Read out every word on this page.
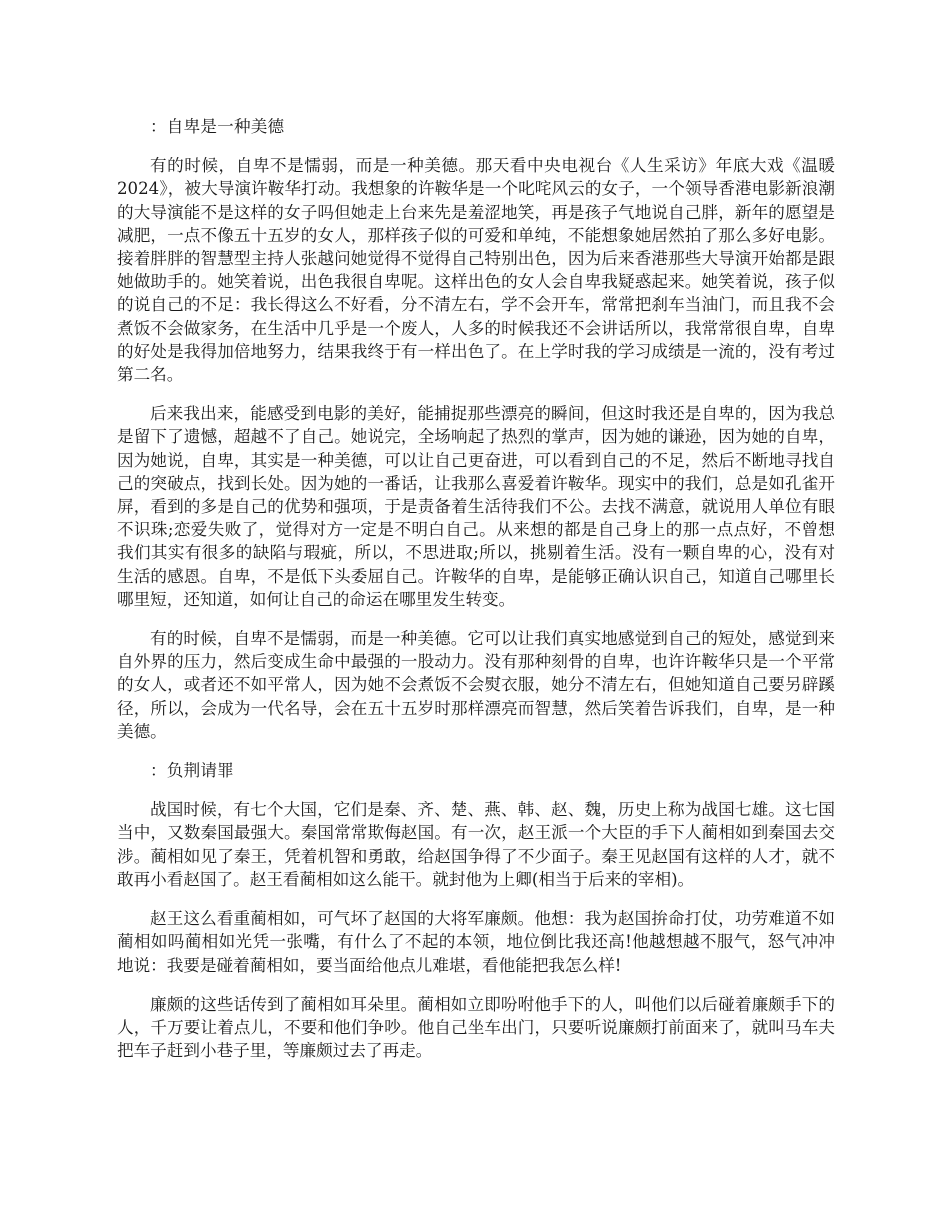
：自卑是一种美德

有的时候，自卑不是懦弱，而是一种美德。那天看中央电视台《人生采访》年底大戏《温暖2024》，被大导演许鞍华打动。我想象的许鞍华是一个叱咤风云的女子，一个领导香港电影新浪潮的大导演能不是这样的女子吗但她走上台来先是羞涩地笑，再是孩子气地说自己胖，新年的愿望是减肥，一点不像五十五岁的女人，那样孩子似的可爱和单纯，不能想象她居然拍了那么多好电影。接着胖胖的智慧型主持人张越问她觉得不觉得自己特别出色，因为后来香港那些大导演开始都是跟她做助手的。她笑着说，出色我很自卑呢。这样出色的女人会自卑我疑惑起来。她笑着说，孩子似的说自己的不足：我长得这么不好看，分不清左右，学不会开车，常常把刹车当油门，而且我不会煮饭不会做家务，在生活中几乎是一个废人，人多的时候我还不会讲话所以，我常常很自卑，自卑的好处是我得加倍地努力，结果我终于有一样出色了。在上学时我的学习成绩是一流的，没有考过第二名。

后来我出来，能感受到电影的美好，能捕捉那些漂亮的瞬间，但这时我还是自卑的，因为我总是留下了遗憾，超越不了自己。她说完，全场响起了热烈的掌声，因为她的谦逊，因为她的自卑，因为她说，自卑，其实是一种美德，可以让自己更奋进，可以看到自己的不足，然后不断地寻找自己的突破点，找到长处。因为她的一番话，让我那么喜爱着许鞍华。现实中的我们，总是如孔雀开屏，看到的多是自己的优势和强项，于是责备着生活待我们不公。去找不满意，就说用人单位有眼不识珠;恋爱失败了，觉得对方一定是不明白自己。从来想的都是自己身上的那一点点好，不曾想我们其实有很多的缺陷与瑕疵，所以，不思进取;所以，挑剔着生活。没有一颗自卑的心，没有对生活的感恩。自卑，不是低下头委屈自己。许鞍华的自卑，是能够正确认识自己，知道自己哪里长哪里短，还知道，如何让自己的命运在哪里发生转变。

有的时候，自卑不是懦弱，而是一种美德。它可以让我们真实地感觉到自己的短处，感觉到来自外界的压力，然后变成生命中最强的一股动力。没有那种刻骨的自卑，也许许鞍华只是一个平常的女人，或者还不如平常人，因为她不会煮饭不会熨衣服，她分不清左右，但她知道自己要另辟蹊径，所以，会成为一代名导，会在五十五岁时那样漂亮而智慧，然后笑着告诉我们，自卑，是一种美德。

：负荆请罪

战国时候，有七个大国，它们是秦、齐、楚、燕、韩、赵、魏，历史上称为战国七雄。这七国当中，又数秦国最强大。秦国常常欺侮赵国。有一次，赵王派一个大臣的手下人蔺相如到秦国去交涉。蔺相如见了秦王，凭着机智和勇敢，给赵国争得了不少面子。秦王见赵国有这样的人才，就不敢再小看赵国了。赵王看蔺相如这么能干。就封他为上卿(相当于后来的宰相)。

赵王这么看重蔺相如，可气坏了赵国的大将军廉颇。他想：我为赵国拚命打仗，功劳难道不如蔺相如吗蔺相如光凭一张嘴，有什么了不起的本领，地位倒比我还高!他越想越不服气，怒气冲冲地说：我要是碰着蔺相如，要当面给他点儿难堪，看他能把我怎么样!

廉颇的这些话传到了蔺相如耳朵里。蔺相如立即吩咐他手下的人，叫他们以后碰着廉颇手下的人，千万要让着点儿，不要和他们争吵。他自己坐车出门，只要听说廉颇打前面来了，就叫马车夫把车子赶到小巷子里，等廉颇过去了再走。
